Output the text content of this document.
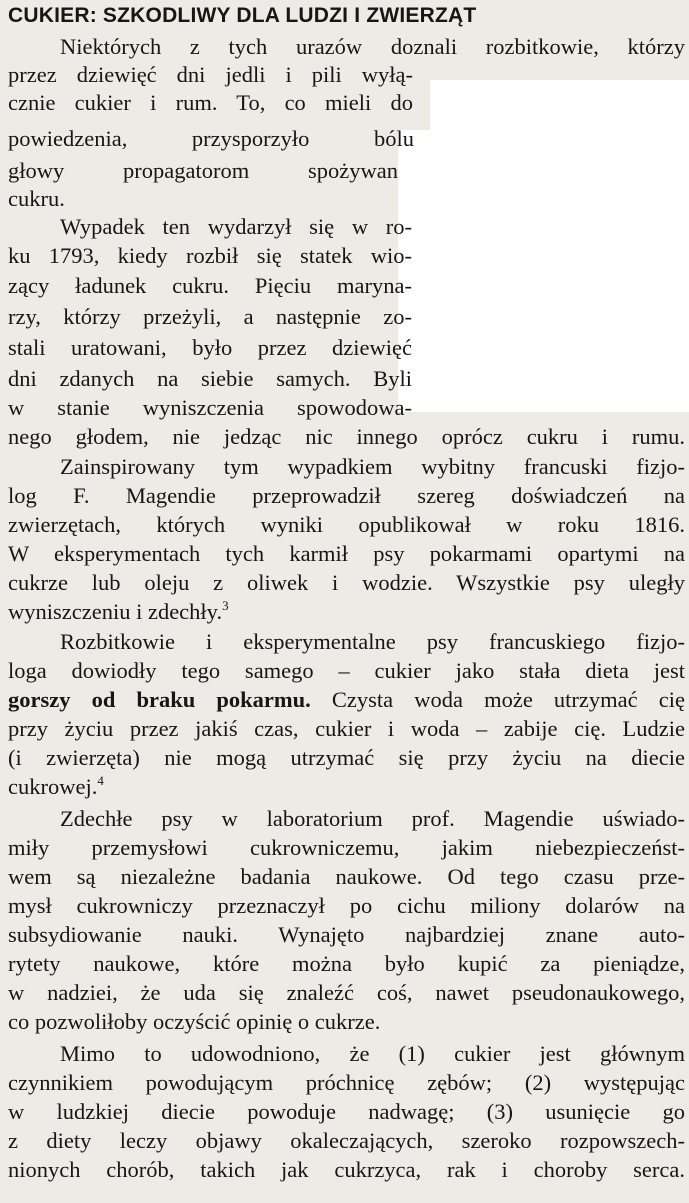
CUKIER: SZKODLIWY DLA LUDZI I ZWIERZĄT
Niektórych z tych urazów doznali rozbitkowie, którzy
przez dziewięć dni jedli i pili wyłą-
cznie cukier i rum. To, co mieli do
powiedzenia, przysporzyło bólu
głowy propagatorom spożywan
cukru.
Wypadek ten wydarzył się w ro-
ku 1793, kiedy rozbił się statek wio-
zący ładunek cukru. Pięciu maryna-
rzy, którzy przeżyli, a następnie zo-
stali uratowani, było przez dziewięć
dni zdanych na siebie samych. Byli
w stanie wyniszczenia spowodowa-
nego głodem, nie jedząc nic innego oprócz cukru i rumu.
Zainspirowany tym wypadkiem wybitny francuski fizjo-
log F. Magendie przeprowadził szereg doświadczeń na
zwierzętach, których wyniki opublikował w roku 1816.
W eksperymentach tych karmił psy pokarmami opartymi na
cukrze lub oleju z oliwek i wodzie. Wszystkie psy uległy
wyniszczeniu i zdechły.$^3$
Rozbitkowie i eksperymentalne psy francuskiego fizjo-
loga dowiodły tego samego – cukier jako stała dieta jest
gorszy od braku pokarmu. Czysta woda może utrzymać cię
przy życiu przez jakiś czas, cukier i woda – zabije cię. Ludzie
(i zwierzęta) nie mogą utrzymać się przy życiu na diecie
cukrowej.$^4$
Zdechłe psy w laboratorium prof. Magendie uświado-
miły przemysłowi cukrowniczemu, jakim niebezpieczeńst-
wem są niezależne badania naukowe. Od tego czasu prze-
mysł cukrowniczy przeznaczył po cichu miliony dolarów na
subsydiowanie nauki. Wynajęto najbardziej znane auto-
rytety naukowe, które można było kupić za pieniądze,
w nadziei, że uda się znaleźć coś, nawet pseudonaukowego,
co pozwoliłoby oczyścić opinię o cukrze.
Mimo to udowodniono, że (1) cukier jest głównym
czynnikiem powodującym próchnicę zębów; (2) występując
w ludzkiej diecie powoduje nadwagę; (3) usunięcie go
z diety leczy objawy okaleczających, szeroko rozpowszech-
nionych chorób, takich jak cukrzyca, rak i choroby serca.
